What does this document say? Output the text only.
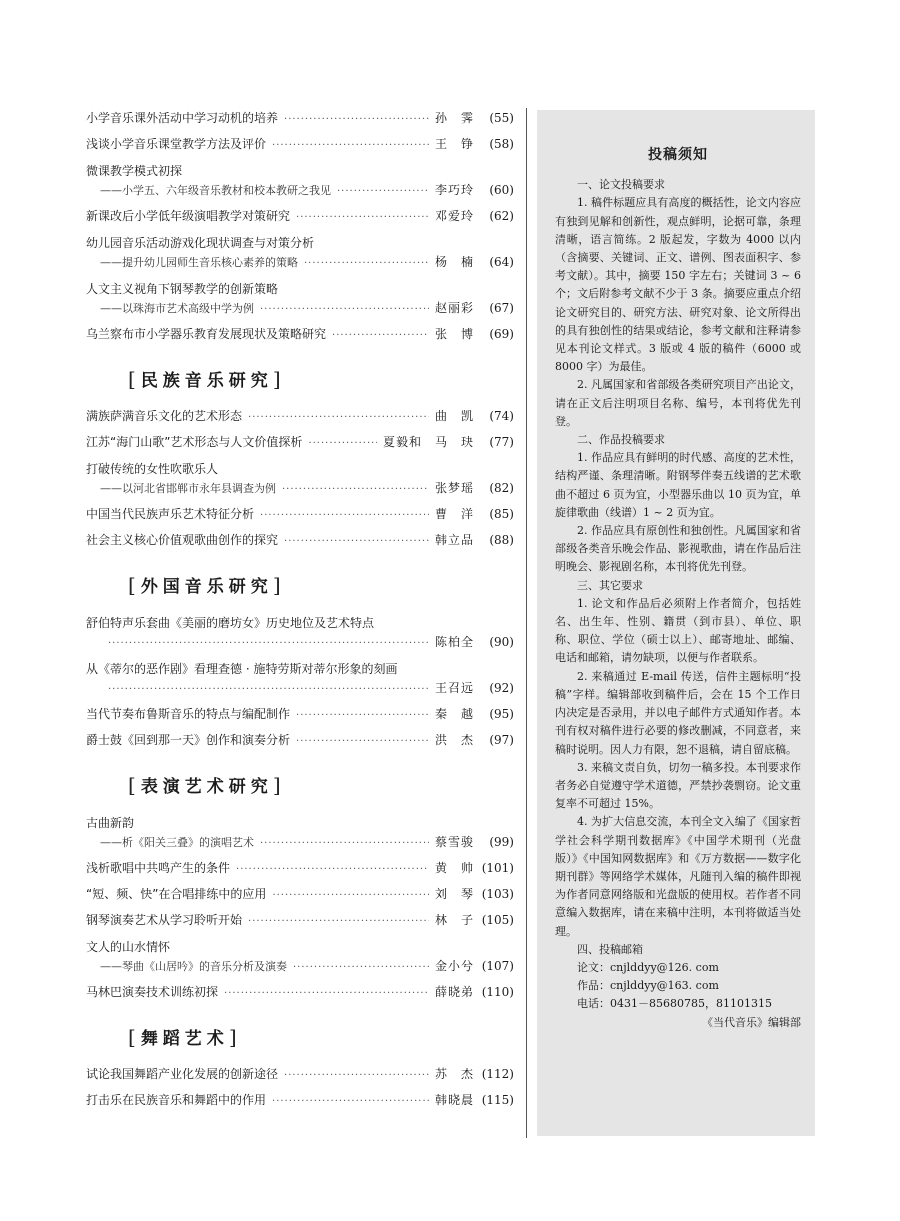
小学音乐课外活动中学习动机的培养 ·····	孙　霁	(55)
浅谈小学音乐课堂教学方法及评价 ·····	王　铮	(58)
微课教学模式初探
——小学五、六年级音乐教材和校本教研之我见 ·····	李巧玲	(60)
新课改后小学低年级演唱教学对策研究 ·····	邓爱玲	(62)
幼儿园音乐活动游戏化现状调查与对策分析
——提升幼儿园师生音乐核心素养的策略 ·····	杨　楠	(64)
人文主义视角下钢琴教学的创新策略
——以珠海市艺术高级中学为例 ·····	赵丽彩	(67)
乌兰察布市小学器乐教育发展现状及策略研究 ·····	张　博	(69)
[民族音乐研究]
满族萨满音乐文化的艺术形态 ·····	曲　凯	(74)
江苏“海门山歌”艺术形态与人文价值探析 ·····	夏毅和　马　玦	(77)
打破传统的女性吹歌乐人
——以河北省邯郸市永年县调查为例 ·····	张梦瑶	(82)
中国当代民族声乐艺术特征分析 ·····	曹　洋	(85)
社会主义核心价值观歌曲创作的探究 ·····	韩立品	(88)
[外国音乐研究]
舒伯特声乐套曲《美丽的磨坊女》历史地位及艺术特点
·····
陈柏全	(90)
从《蒂尔的恶作剧》看理查德 · 施特劳斯对蒂尔形象的刻画
·····
王召远	(92)
当代节奏布鲁斯音乐的特点与编配制作 ·····	秦　越	(95)
爵士鼓《回到那一天》创作和演奏分析 ·····	洪　杰	(97)
[表演艺术研究]
古曲新韵
——析《阳关三叠》的演唱艺术 ·····	蔡雪骏	(99)
浅析歌唱中共鸣产生的条件 ·····	黄　帅 (101)
“短、频、快”在合唱排练中的应用 ·····	刘　琴 (103)
钢琴演奏艺术从学习聆听开始 ·····	林　子 (105)
文人的山水情怀
——琴曲《山居吟》的音乐分析及演奏 ·····	金小兮 (107)
马林巴演奏技术训练初探 ·····	薛晓弟 (110)
[舞蹈艺术]
试论我国舞蹈产业化发展的创新途径 ·····	苏　杰 (112)
打击乐在民族音乐和舞蹈中的作用 ·····	韩晓晨 (115)
投稿须知

一、论文投稿要求

1. 稿件标题应具有高度的概括性，论文内容应有独到见解和创新性，观点鲜明，论据可靠，条理清晰，语言简练。2 版起发，字数为 4000 以内（含摘要、关键词、正文、谱例、图表面积字、参考文献）。其中，摘要 150 字左右；关键词 3 ~ 6 个；文后附参考文献不少于 3 条。摘要应重点介绍论文研究目的、研究方法、研究对象、论文所得出的具有独创性的结果或结论，参考文献和注释请参见本刊论文样式。3 版或 4 版的稿件（6000 或 8000 字）为最佳。

2. 凡属国家和省部级各类研究项目产出论文，请在正文后注明项目名称、编号，本刊将优先刊登。

二、作品投稿要求

1. 作品应具有鲜明的时代感、高度的艺术性，结构严谨、条理清晰。附钢琴伴奏五线谱的艺术歌曲不超过 6 页为宜，小型器乐曲以 10 页为宜，单旋律歌曲（线谱）1 ~ 2 页为宜。

2. 作品应具有原创性和独创性。凡属国家和省部级各类音乐晚会作品、影视歌曲，请在作品后注明晚会、影视剧名称，本刊将优先刊登。

三、其它要求

1. 论文和作品后必须附上作者简介，包括姓名、出生年、性别、籍贯（到市县）、单位、职称、职位、学位（硕士以上）、邮寄地址、邮编、电话和邮箱，请勿缺项，以便与作者联系。

2. 来稿通过 E-mail 传送，信件主题标明“投稿”字样。编辑部收到稿件后，会在 15 个工作日内决定是否录用，并以电子邮件方式通知作者。本刊有权对稿件进行必要的修改删减，不同意者，来稿时说明。因人力有限，恕不退稿，请自留底稿。

3. 来稿文责自负，切勿一稿多投。本刊要求作者务必自觉遵守学术道德，严禁抄袭剽窃。论文重复率不可超过 15%。

4. 为扩大信息交流，本刊全文入编了《国家哲学社会科学期刊数据库》《中国学术期刊（光盘版）》《中国知网数据库》和《万方数据——数字化期刊群》等网络学术媒体，凡随刊入编的稿件即视为作者同意网络版和光盘版的使用权。若作者不同意编入数据库，请在来稿中注明，本刊将做适当处理。

四、投稿邮箱

论文：cnjlddyy@126. com

作品：cnjlddyy@163. com

电话：0431－85680785，81101315

《当代音乐》编辑部
